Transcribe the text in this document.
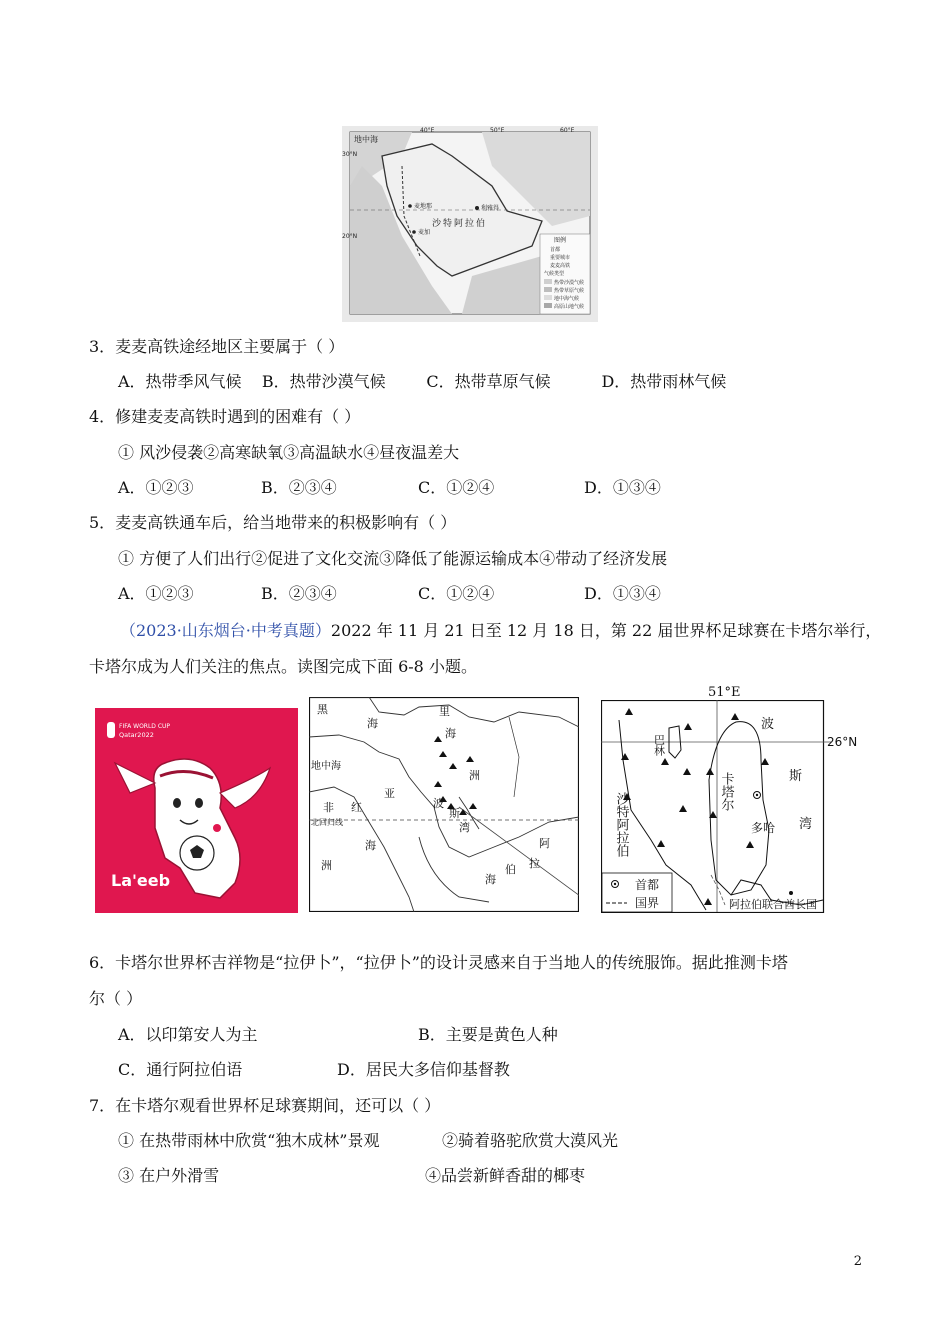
地中海
40°E	50°E	60°E
30°N
20°N
麦地那	利雅得
麦加
沙特阿拉伯
图例
首都
重要城市
麦麦高铁
气候类型
热带沙漠气候
热带草原气候
地中海气候
高原山地气候
3．麦麦高铁途经地区主要属于（ ）
A．热带季风气候    B．热带沙漠气候        C．热带草原气候          D．热带雨林气候
4．修建麦麦高铁时遇到的困难有（ ）
① 风沙侵袭②高寒缺氧③高温缺水④昼夜温差大
A．①②③	B．②③④	C．①②④	D．①③④
5．麦麦高铁通车后，给当地带来的积极影响有（ ）
① 方便了人们出行②促进了文化交流③降低了能源运输成本④带动了经济发展
A．①②③	B．②③④	C．①②④	D．①③④
（2023·山东烟台·中考真题）2022 年 11 月 21 日至 12 月 18 日，第 22 届世界杯足球赛在卡塔尔举行，
卡塔尔成为人们关注的焦点。读图完成下面 6-8 小题。
FIFA WORLD CUP
Qatar2022
La'eeb
黑
海
里
海
地中海
洲
亚
非 红
北回归线
波
斯
湾
阿
拉
伯
海
海
洲
51°E
26°N
巴林
波
斯
湾
沙特阿拉伯
卡塔尔
多哈
首都
国界	阿拉伯联合酋长国
6．卡塔尔世界杯吉祥物是“拉伊卜”，“拉伊卜”的设计灵感来自于当地人的传统服饰。据此推测卡塔
尔（ ）
A．以印第安人为主	B．主要是黄色人种
C．通行阿拉伯语	D．居民大多信仰基督教
7．在卡塔尔观看世界杯足球赛期间，还可以（ ）
① 在热带雨林中欣赏“独木成林”景观	②骑着骆驼欣赏大漠风光
③ 在户外滑雪	④品尝新鲜香甜的椰枣
2
